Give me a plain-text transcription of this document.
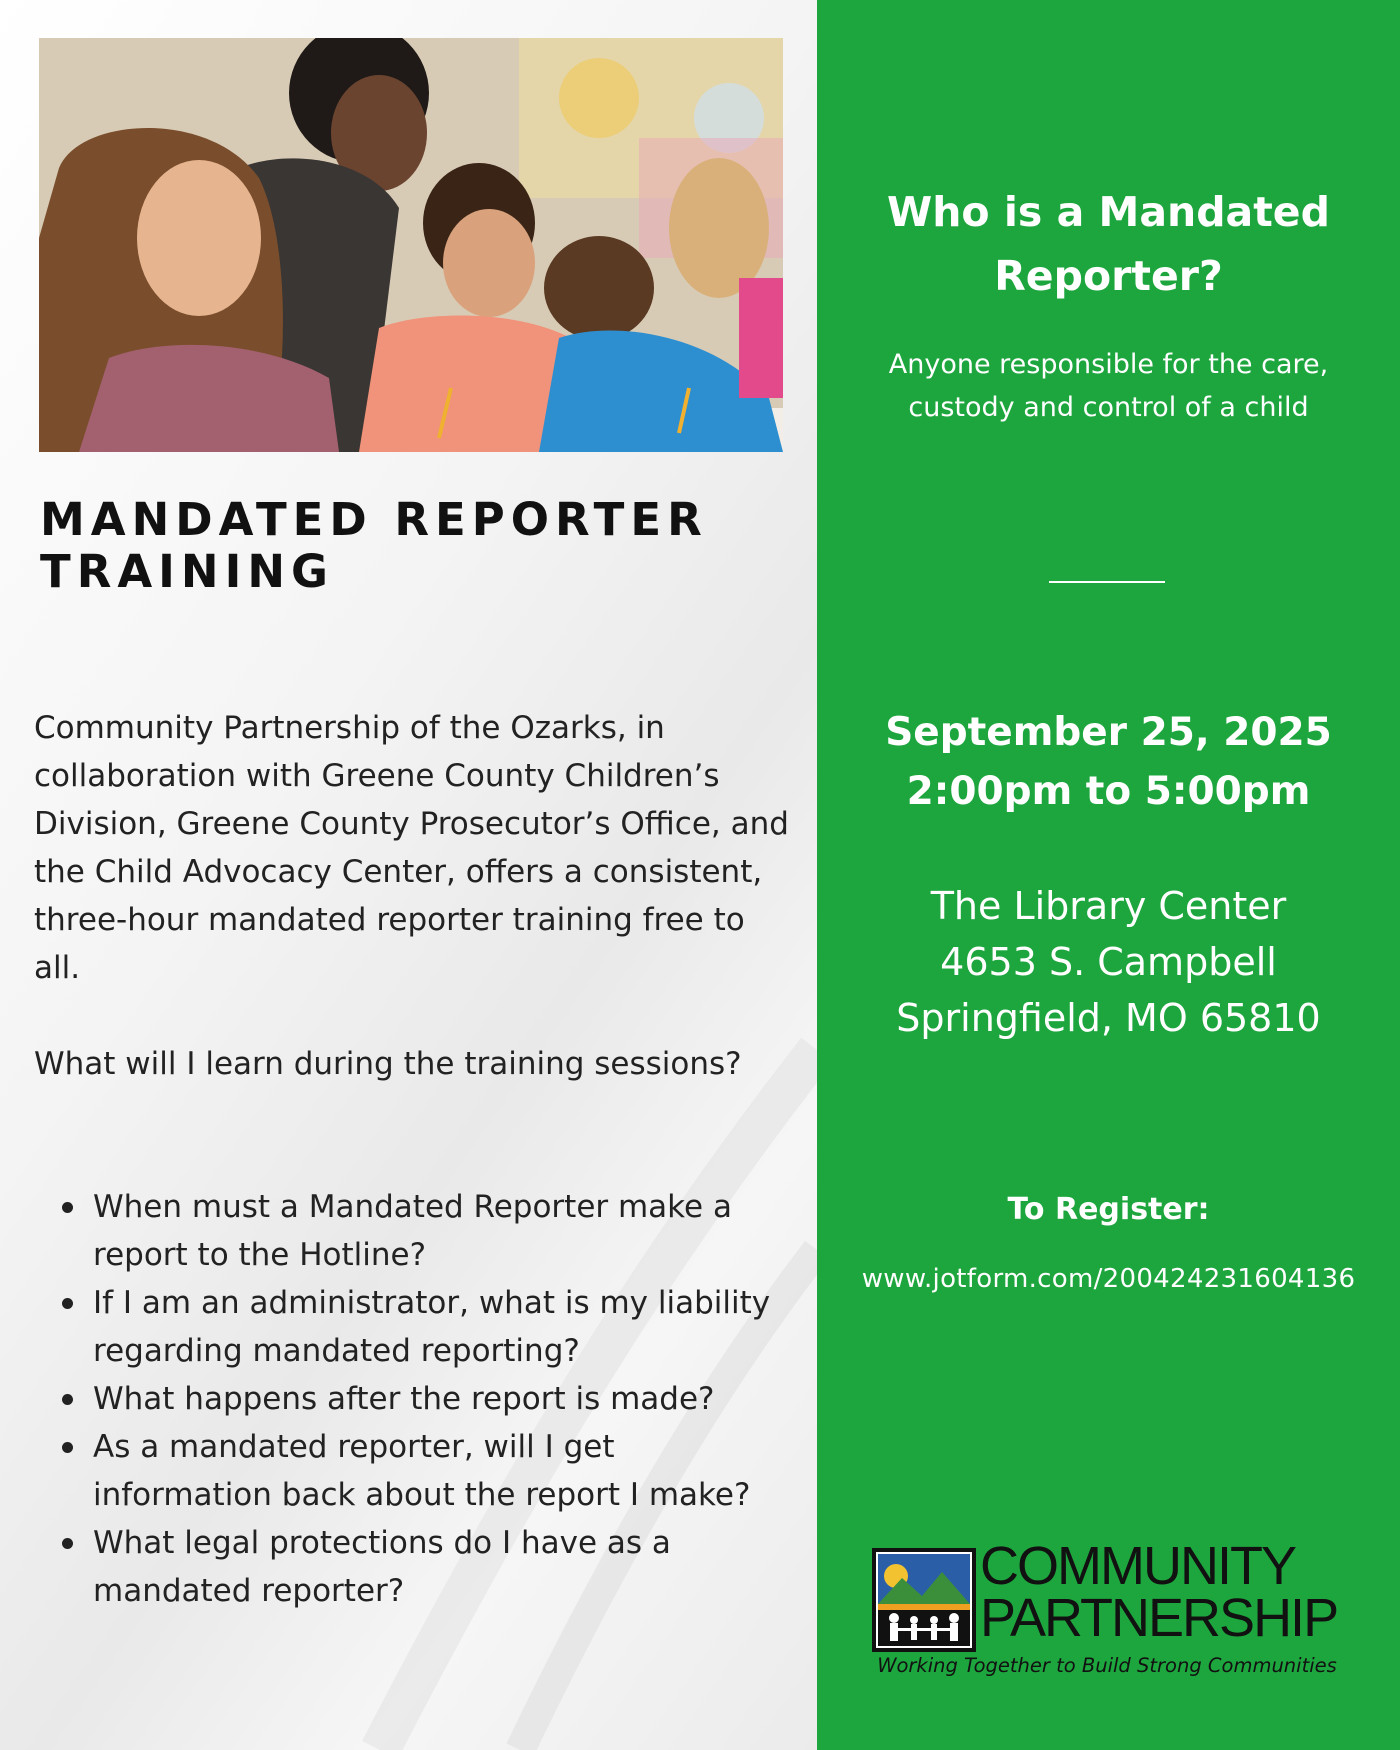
MANDATED REPORTER
TRAINING

Community Partnership of the Ozarks, in collaboration with Greene County Children’s Division, Greene County Prosecutor’s Office, and the Child Advocacy Center, offers a consistent, three-hour mandated reporter training free to all.

What will I learn during the training sessions?

When must a Mandated Reporter make a report to the Hotline?
If I am an administrator, what is my liability regarding mandated reporting?
What happens after the report is made?
As a mandated reporter, will I get information back about the report I make?
What legal protections do I have as a mandated reporter?
Who is a Mandated
Reporter?
Anyone responsible for the care,
custody and control of a child
September 25, 2025
2:00pm to 5:00pm
The Library Center
4653 S. Campbell
Springfield, MO 65810
To Register:
www.jotform.com/200424231604136
COMMUNITY
PARTNERSHIP
Working Together to Build Strong Communities
